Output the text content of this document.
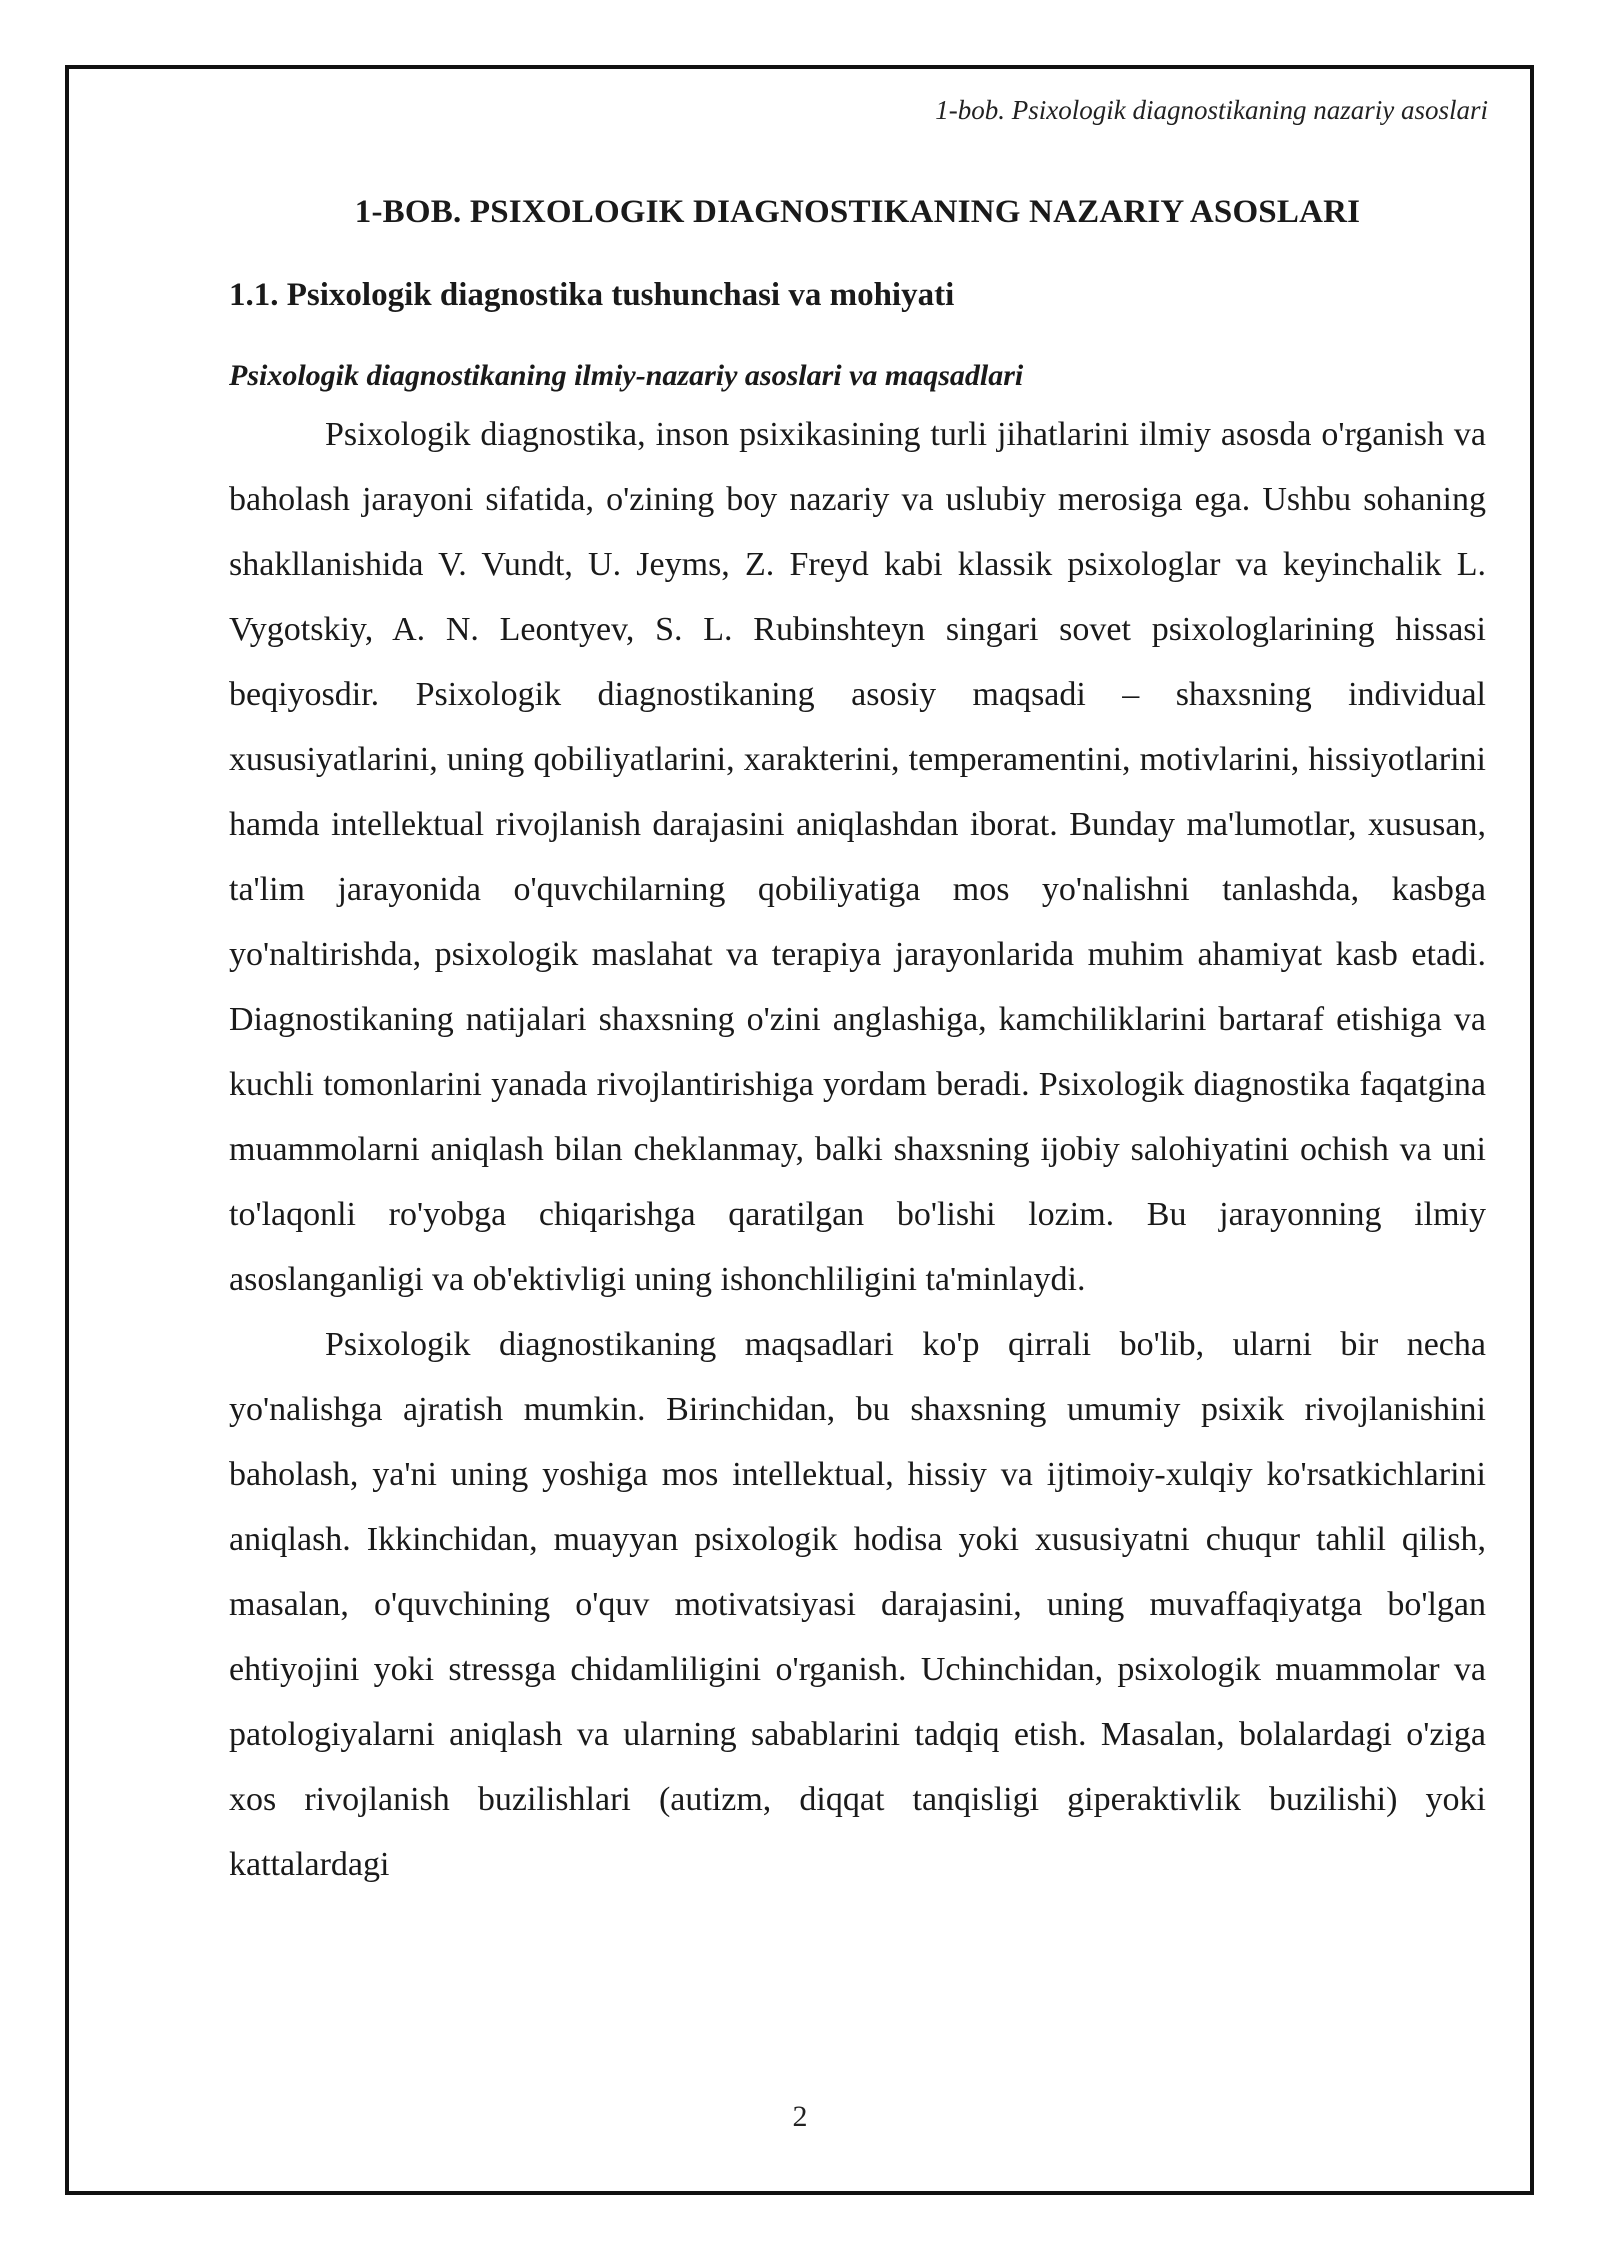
1-bob. Psixologik diagnostikaning nazariy asoslari
1-BOB. PSIXOLOGIK DIAGNOSTIKANING NAZARIY ASOSLARI
1.1. Psixologik diagnostika tushunchasi va mohiyati
Psixologik diagnostikaning ilmiy-nazariy asoslari va maqsadlari

Psixologik diagnostika, inson psixikasining turli jihatlarini ilmiy asosda o'rganish va baholash jarayoni sifatida, o'zining boy nazariy va uslubiy merosiga ega. Ushbu sohaning shakllanishida V. Vundt, U. Jeyms, Z. Freyd kabi klassik psixologlar va keyinchalik L. Vygotskiy, A. N. Leontyev, S. L. Rubinshteyn singari sovet psixologlarining hissasi beqiyosdir. Psixologik diagnostikaning asosiy maqsadi – shaxsning individual xususiyatlarini, uning qobiliyatlarini, xarakterini, temperamentini, motivlarini, hissiyotlarini hamda intellektual rivojlanish darajasini aniqlashdan iborat. Bunday ma'lumotlar, xususan, ta'lim jarayonida o'quvchilarning qobiliyatiga mos yo'nalishni tanlashda, kasbga yo'naltirishda, psixologik maslahat va terapiya jarayonlarida muhim ahamiyat kasb etadi. Diagnostikaning natijalari shaxsning o'zini anglashiga, kamchiliklarini bartaraf etishiga va kuchli tomonlarini yanada rivojlantirishiga yordam beradi. Psixologik diagnostika faqatgina muammolarni aniqlash bilan cheklanmay, balki shaxsning ijobiy salohiyatini ochish va uni to'laqonli ro'yobga chiqarishga qaratilgan bo'lishi lozim. Bu jarayonning ilmiy asoslanganligi va ob'ektivligi uning ishonchliligini ta'minlaydi.

Psixologik diagnostikaning maqsadlari ko'p qirrali bo'lib, ularni bir necha yo'nalishga ajratish mumkin. Birinchidan, bu shaxsning umumiy psixik rivojlanishini baholash, ya'ni uning yoshiga mos intellektual, hissiy va ijtimoiy-xulqiy ko'rsatkichlarini aniqlash. Ikkinchidan, muayyan psixologik hodisa yoki xususiyatni chuqur tahlil qilish, masalan, o'quvchining o'quv motivatsiyasi darajasini, uning muvaffaqiyatga bo'lgan ehtiyojini yoki stressga chidamliligini o'rganish. Uchinchidan, psixologik muammolar va patologiyalarni aniqlash va ularning sabablarini tadqiq etish. Masalan, bolalardagi o'ziga xos rivojlanish buzilishlari (autizm, diqqat tanqisligi giperaktivlik buzilishi) yoki kattalardagi

2
